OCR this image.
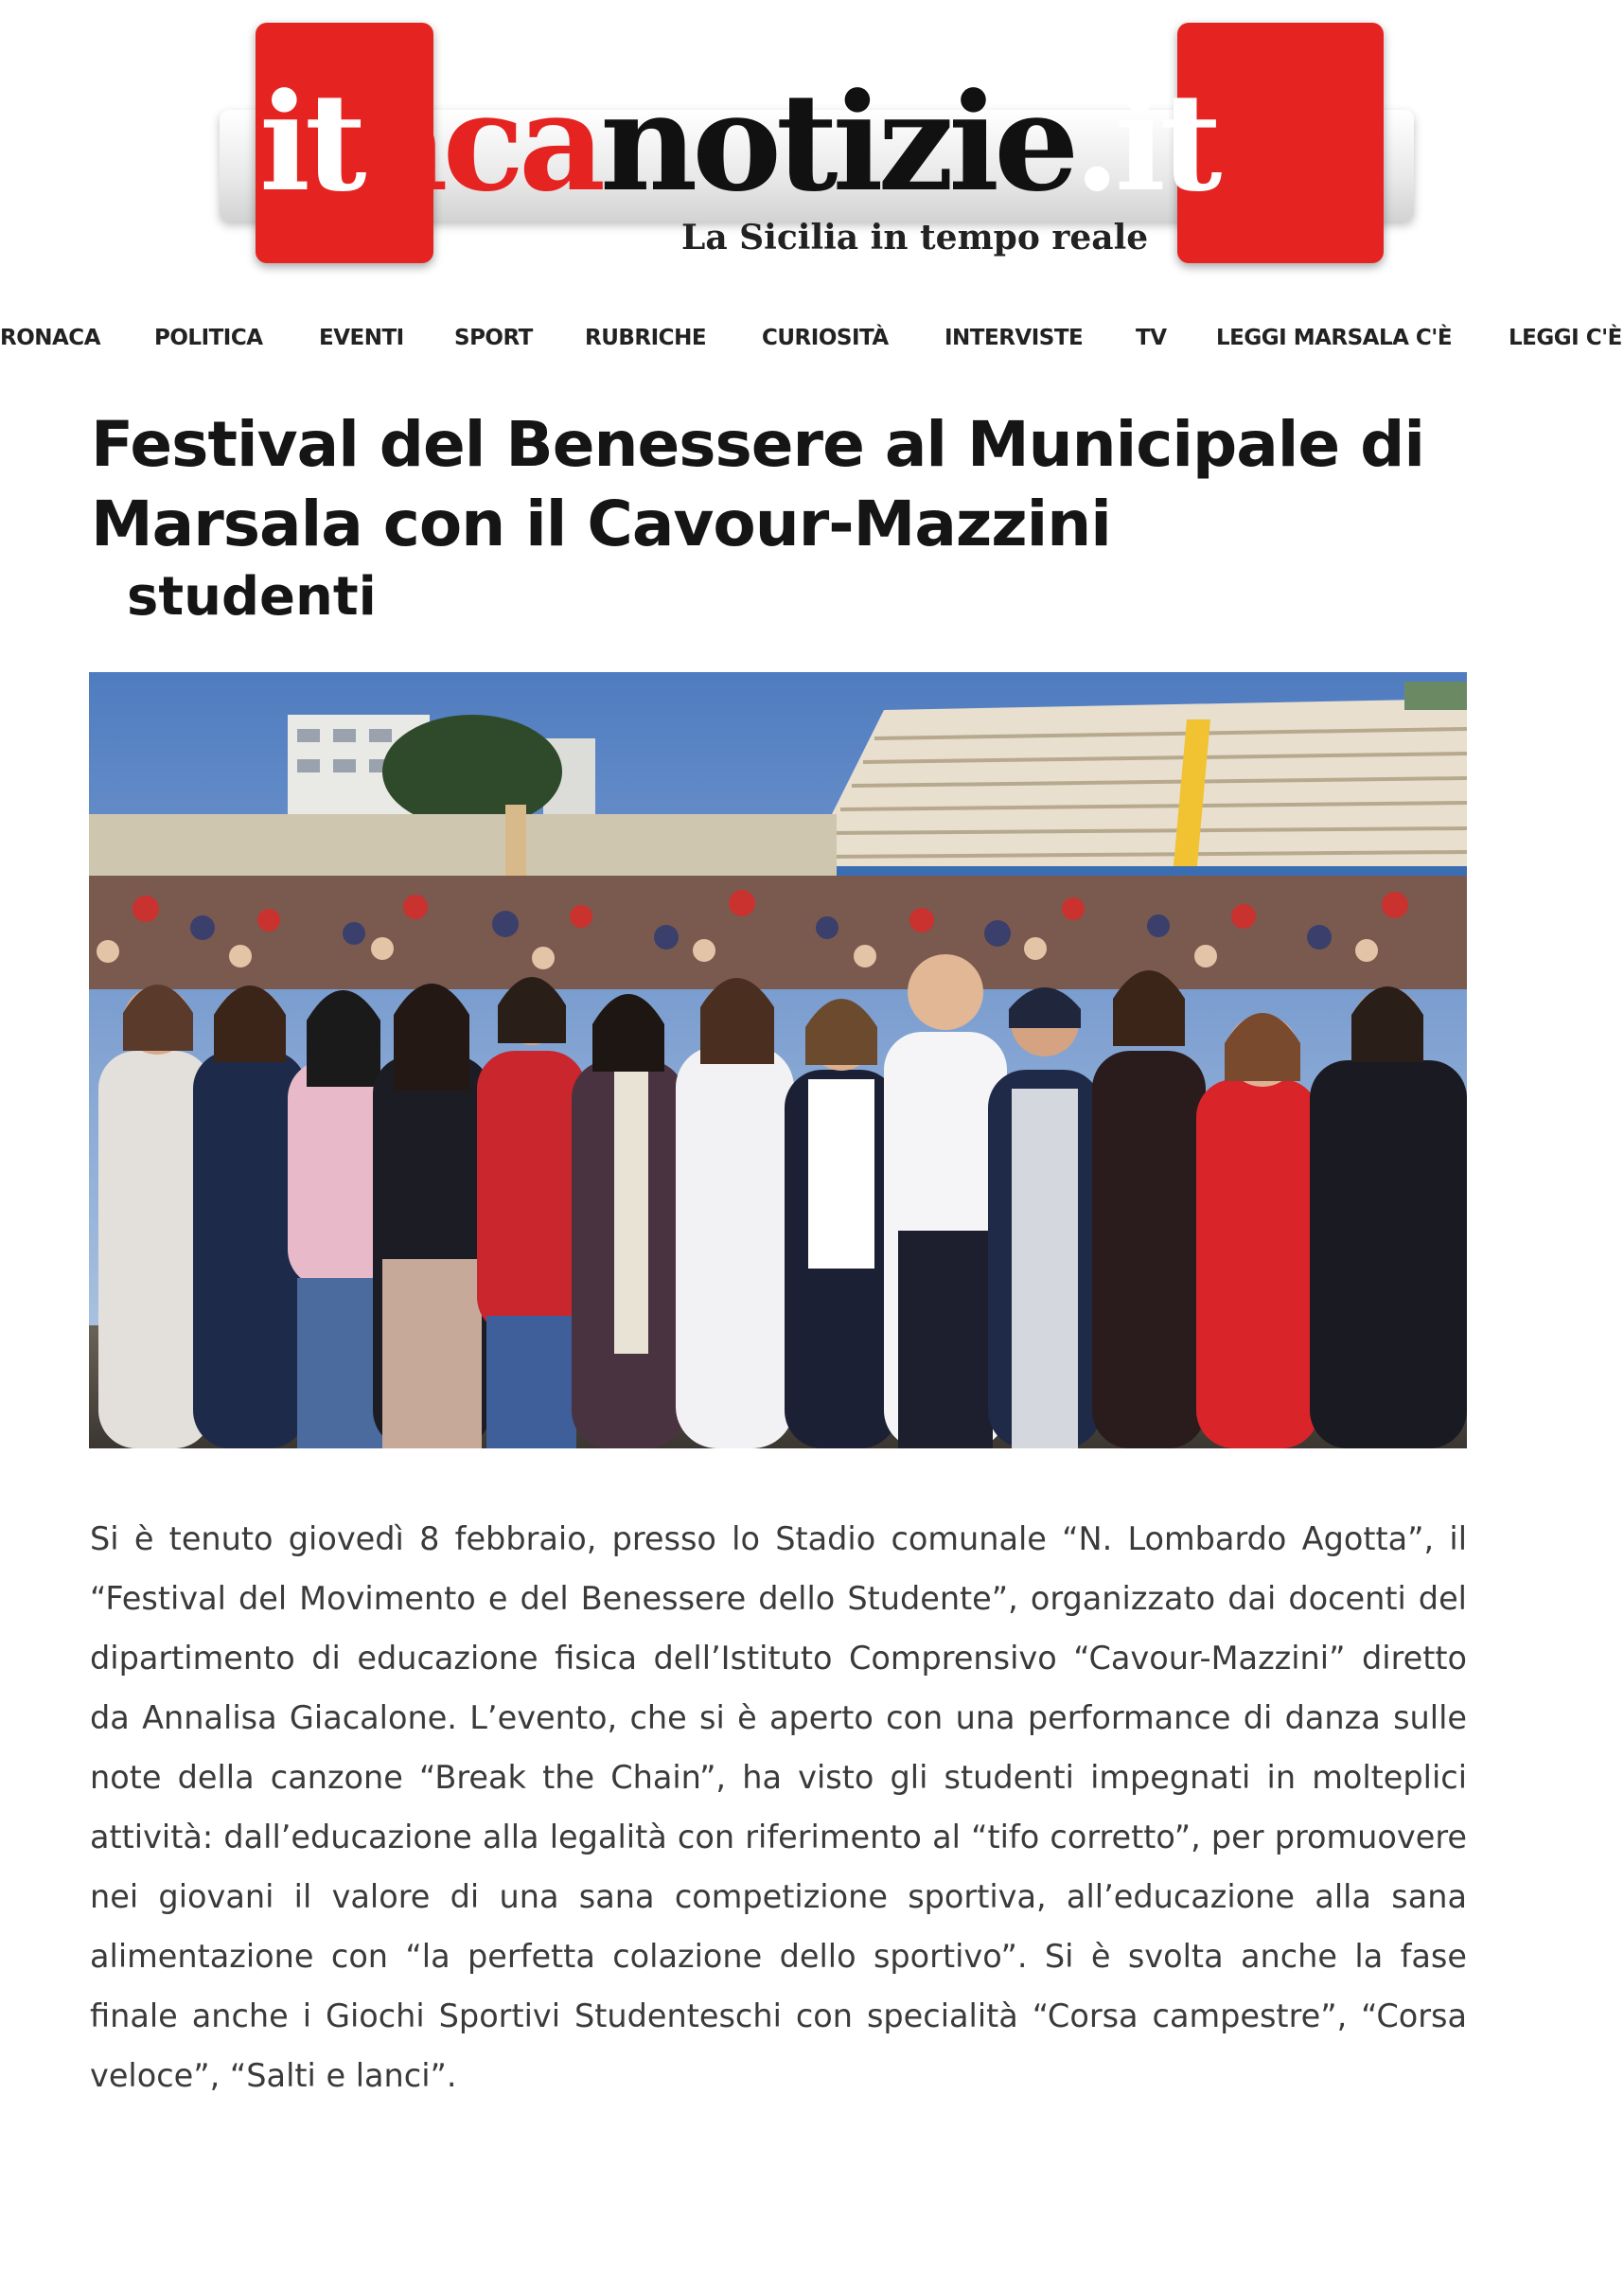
itacanotizie.it
La Sicilia in tempo reale
RONACA POLITICA	EVENTI SPORT RUBRICHE	CURIOSITÀ	INTERVISTE TV LEGGI MARSALA C'È	LEGGI C'È
Festival del Benessere al Municipale di Marsala con il Cavour-Mazzini
studenti

Si è tenuto giovedì 8 febbraio, presso lo Stadio comunale “N. Lombardo Agotta”, il “Festival del Movimento e del Benessere dello Studente”, organizzato dai docenti del dipartimento di educazione fisica dell’Istituto Comprensivo “Cavour-Mazzini” diretto da Annalisa Giacalone. L’evento, che si è aperto con una performance di danza sulle note della canzone “Break the Chain”, ha visto gli studenti impegnati in molteplici attività: dall’educazione alla legalità con riferimento al “tifo corretto”, per promuovere nei giovani il valore di una sana competizione sportiva, all’educazione alla sana alimentazione con “la perfetta colazione dello sportivo”. Si è svolta anche la fase finale anche i Giochi Sportivi Studenteschi con specialità “Corsa campestre”, “Corsa veloce”, “Salti e lanci”.
